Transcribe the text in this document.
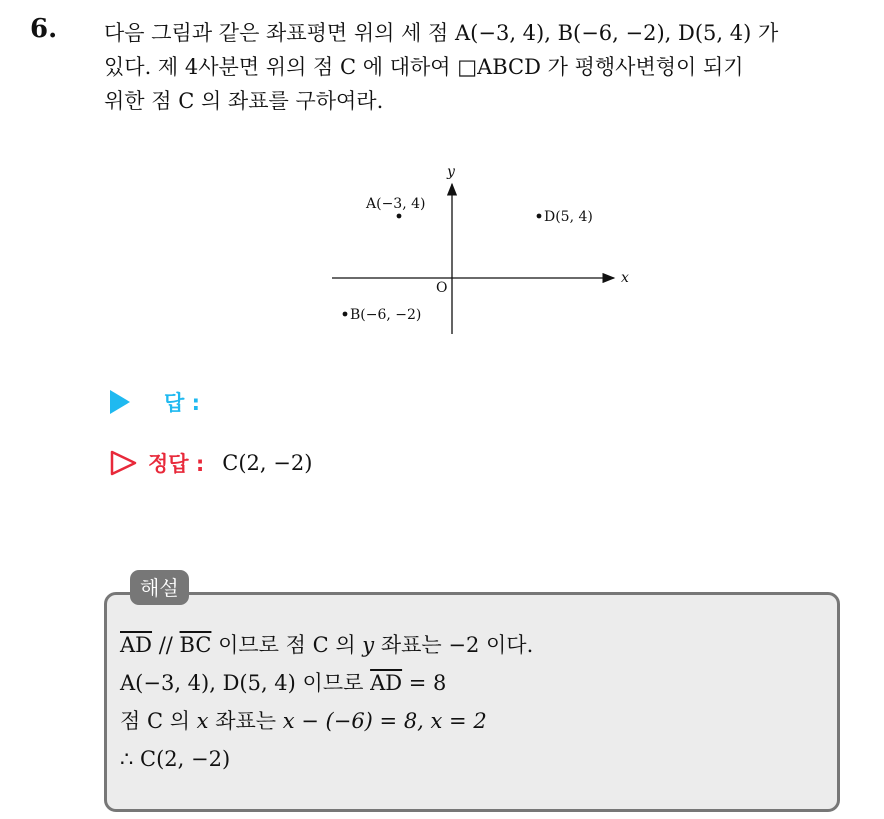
6. 다음 그림과 같은 좌표평면 위의 세 점 A(−3, 4), B(−6, −2), D(5, 4) 가
있다. 제 4사분면 위의 점 C 에 대하여 □ABCD 가 평행사변형이 되기
위한 점 C 의 좌표를 구하여라.

x
y
O
A(−3, 4)
D(5, 4)
B(−6, −2)
답 :
정답 : C(2, −2)
해설
$\overline{AD} // \overline{BC}$ 이므로 점 C 의 y 좌표는 −2 이다.
A(−3, 4), D(5, 4) 이므로 $\overline{AD} = 8$
점 C 의 x 좌표는 x − (−6) = 8, x = 2
∴ C(2, −2)
